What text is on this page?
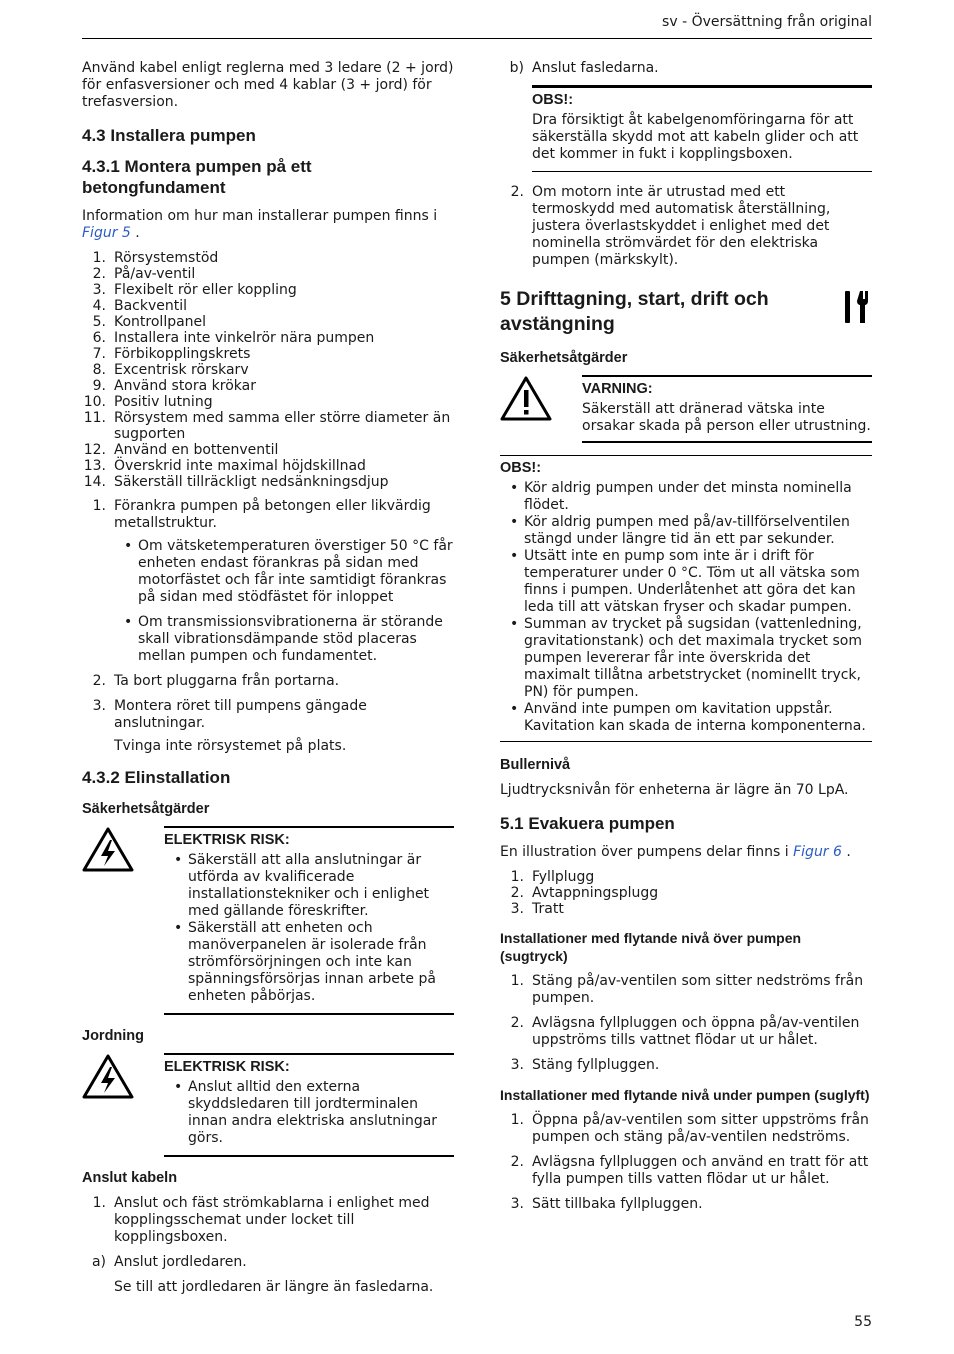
sv - Översättning från original

Använd kabel enligt reglerna med 3 ledare (2 + jord) för enfasversioner och med 4 kablar (3 + jord) för trefasversion.

4.3 Installera pumpen
4.3.1 Montera pumpen på ett betongfundament

Information om hur man installerar pumpen finns i Figur 5 .

1. Rörsystemstöd
2. På/av-ventil
3. Flexibelt rör eller koppling
4. Backventil
5. Kontrollpanel
6. Installera inte vinkelrör nära pumpen
7. Förbikopplingskrets
8. Excentrisk rörskarv
9. Använd stora krökar
10. Positiv lutning
11. Rörsystem med samma eller större diameter än sugporten
12. Använd en bottenventil
13. Överskrid inte maximal höjdskillnad
14. Säkerställ tillräckligt nedsänkningsdjup
1. Förankra pumpen på betongen eller likvärdig metallstruktur.
• Om vätsketemperaturen överstiger 50 °C får enheten endast förankras på sidan med motorfästet och får inte samtidigt förankras på sidan med stödfästet för inloppet
• Om transmissionsvibrationerna är störande skall vibrationsdämpande stöd placeras mellan pumpen och fundamentet.
2. Ta bort pluggarna från portarna.
3. Montera röret till pumpens gängade anslutningar.
Tvinga inte rörsystemet på plats.
4.3.2 Elinstallation
Säkerhetsåtgärder
ELEKTRISK RISK:
• Säkerställ att alla anslutningar är utförda av kvalificerade installationstekniker och i enlighet med gällande föreskrifter.
• Säkerställ att enheten och manöverpanelen är isolerade från strömförsörjningen och inte kan spänningsförsörjas innan arbete på enheten påbörjas.
Jordning
ELEKTRISK RISK:
• Anslut alltid den externa skyddsledaren till jordterminalen innan andra elektriska anslutningar görs.
Anslut kabeln
1. Anslut och fäst strömkablarna i enlighet med kopplingsschemat under locket till kopplingsboxen.
a) Anslut jordledaren.
Se till att jordledaren är längre än fasledarna.
b) Anslut fasledarna.
OBS!:
Dra försiktigt åt kabelgenomföringarna för att säkerställa skydd mot att kabeln glider och att det kommer in fukt i kopplingsboxen.
2. Om motorn inte är utrustad med ett termoskydd med automatisk återställning, justera överlastskyddet i enlighet med det nominella strömvärdet för den elektriska pumpen (märkskylt).
5 Drifttagning, start, drift och avstängning
Säkerhetsåtgärder
VARNING:
Säkerställ att dränerad vätska inte orsakar skada på person eller utrustning.
OBS!:
• Kör aldrig pumpen under det minsta nominella flödet.
• Kör aldrig pumpen med på/av-tillförselventilen stängd under längre tid än ett par sekunder.
• Utsätt inte en pump som inte är i drift för temperaturer under 0 °C. Töm ut all vätska som finns i pumpen. Underlåtenhet att göra det kan leda till att vätskan fryser och skadar pumpen.
• Summan av trycket på sugsidan (vattenledning, gravitationstank) och det maximala trycket som pumpen levererar får inte överskrida det maximalt tillåtna arbetstrycket (nominellt tryck, PN) för pumpen.
• Använd inte pumpen om kavitation uppstår. Kavitation kan skada de interna komponenterna.
Bullernivå

Ljudtrycksnivån för enheterna är lägre än 70 LpA.

5.1 Evakuera pumpen

En illustration över pumpens delar finns i Figur 6 .

1. Fyllplugg
2. Avtappningsplugg
3. Tratt
Installationer med flytande nivå över pumpen (sugtryck)
1. Stäng på/av-ventilen som sitter nedströms från pumpen.
2. Avlägsna fyllpluggen och öppna på/av-ventilen uppströms tills vattnet flödar ut ur hålet.
3. Stäng fyllpluggen.
Installationer med flytande nivå under pumpen (suglyft)
1. Öppna på/av-ventilen som sitter uppströms från pumpen och stäng på/av-ventilen nedströms.
2. Avlägsna fyllpluggen och använd en tratt för att fylla pumpen tills vatten flödar ut ur hålet.
3. Sätt tillbaka fyllpluggen.
55
